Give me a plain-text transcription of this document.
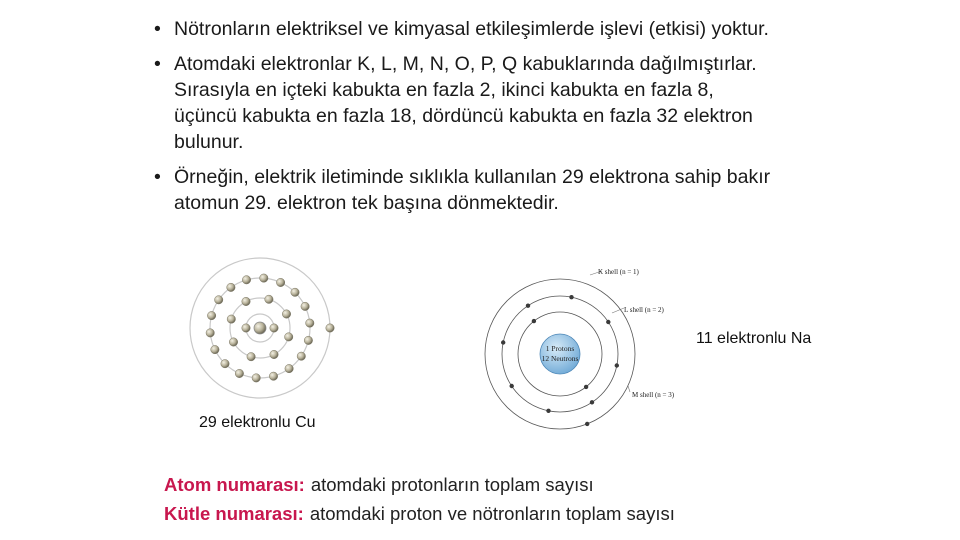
• Nötronların elektriksel ve kimyasal etkileşimlerde işlevi (etkisi) yoktur.
• Atomdaki elektronlar K, L, M, N, O, P, Q kabuklarında dağılmıştırlar. Sırasıyla en içteki kabukta en fazla 2, ikinci kabukta en fazla 8, üçüncü kabukta en fazla 18, dördüncü kabukta en fazla 32 elektron bulunur.
• Örneğin, elektrik iletiminde sıklıkla kullanılan 29 elektrona sahip bakır atomun 29. elektron tek başına dönmektedir.
29 elektronlu Cu
1 Protons
12 Neutrons
K shell (n = 1)
L shell (n = 2)
M shell (n = 3)
11 elektronlu Na
Atom numarası: atomdaki protonların toplam sayısı
Kütle numarası: atomdaki proton ve nötronların toplam sayısı
